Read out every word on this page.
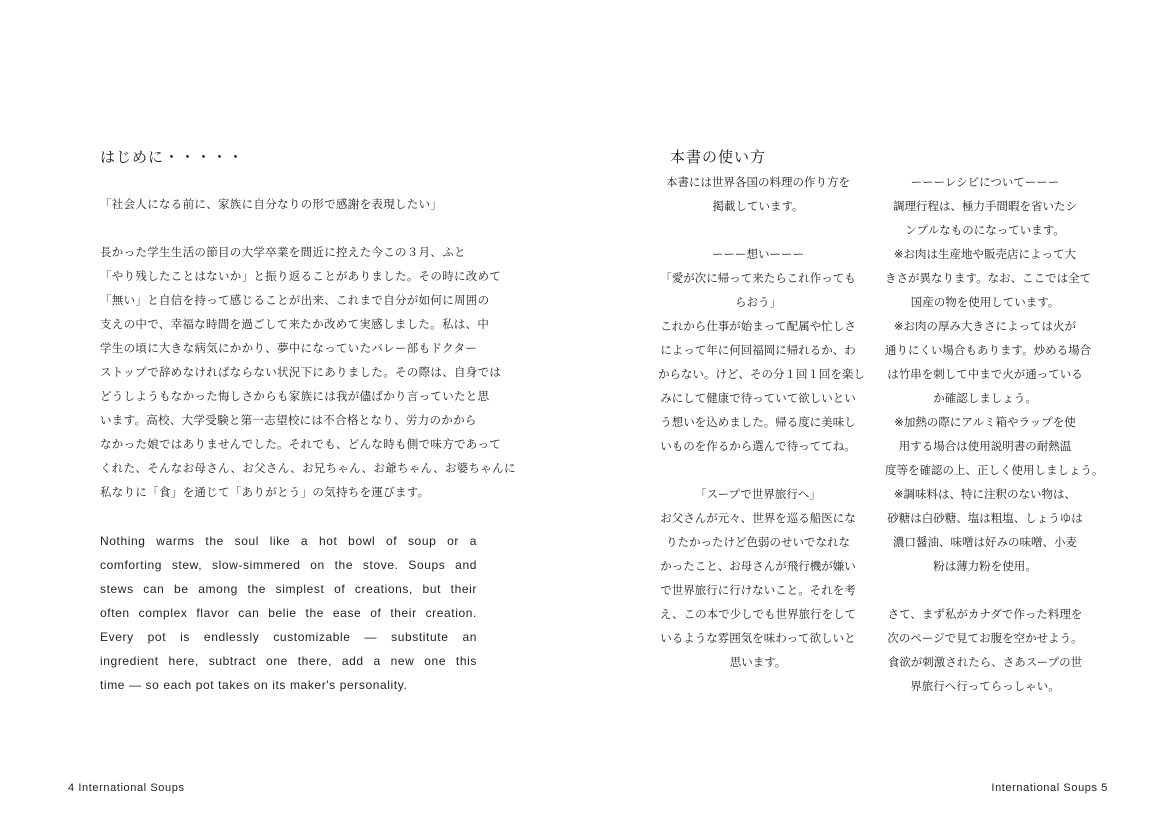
はじめに・・・・・
「社会人になる前に、家族に自分なりの形で感謝を表現したい」
長かった学生生活の節目の大学卒業を間近に控えた今この３月、ふと
「やり残したことはないか」と振り返ることがありました。その時に改めて
「無い」と自信を持って感じることが出来、これまで自分が如何に周囲の
支えの中で、幸福な時間を過ごして来たか改めて実感しました。私は、中
学生の頃に大きな病気にかかり、夢中になっていたバレー部もドクター
ストップで辞めなければならない状況下にありました。その際は、自身では
どうしようもなかった悔しさからも家族には我が儘ばかり言っていたと思
います。高校、大学受験と第一志望校には不合格となり、労力のかから
なかった娘ではありませんでした。それでも、どんな時も側で味方であって
くれた、そんなお母さん、お父さん、お兄ちゃん、お爺ちゃん、お婆ちゃんに
私なりに「食」を通じて「ありがとう」の気持ちを運びます。
Nothing warms the soul like a hot bowl of soup or a
comforting stew, slow-simmered on the stove. Soups and
stews can be among the simplest of creations, but their
often complex flavor can belie the ease of their creation.
Every pot is endlessly customizable — substitute an
ingredient here, subtract one there, add a new one this
time — so each pot takes on its maker's personality.
4 International Soups
本書の使い方
本書には世界各国の料理の作り方を
掲載しています。
ーーー想いーーー
「愛が次に帰って来たらこれ作っても
らおう」
これから仕事が始まって配属や忙しさ
によって年に何回福岡に帰れるか、わ
からない。けど、その分１回１回を楽し
みにして健康で待っていて欲しいとい
う想いを込めました。帰る度に美味し
いものを作るから選んで待っててね。
「スープで世界旅行へ」
お父さんが元々、世界を巡る船医にな
りたかったけど色弱のせいでなれな
かったこと、お母さんが飛行機が嫌い
で世界旅行に行けないこと。それを考
え、この本で少しでも世界旅行をして
いるような雰囲気を味わって欲しいと
思います。
ーーーレシピについてーーー
調理行程は、極力手間暇を省いたシ
ンプルなものになっています。
※お肉は生産地や販売店によって大
きさが異なります。なお、ここでは全て
国産の物を使用しています。
※お肉の厚み大きさによっては火が
通りにくい場合もあります。炒める場合
は竹串を刺して中まで火が通っている
か確認しましょう。
※加熱の際にアルミ箱やラップを使
用する場合は使用説明書の耐熱温
度等を確認の上、正しく使用しましょう。
※調味料は、特に注釈のない物は、
砂糖は白砂糖、塩は粗塩、しょうゆは
濃口醤油、味噌は好みの味噌、小麦
粉は薄力粉を使用。
さて、まず私がカナダで作った料理を
次のページで見てお腹を空かせよう。
食欲が刺激されたら、さあスープの世
界旅行へ行ってらっしゃい。
International Soups 5
